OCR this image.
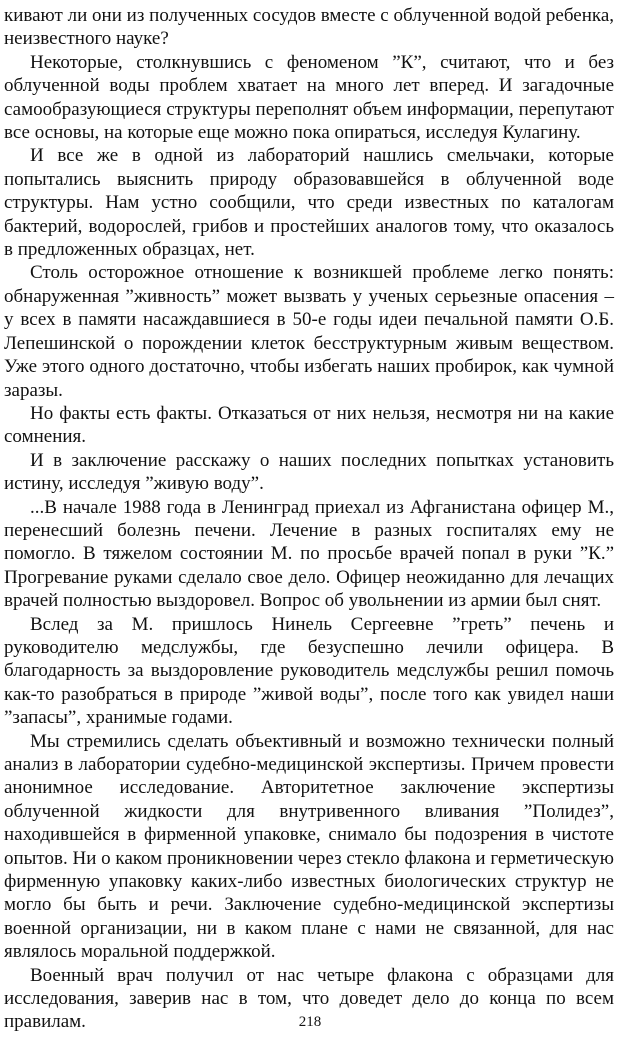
кивают ли они из полученных сосудов вместе с облученной водой ребенка, неизвестного науке?

Некоторые, столкнувшись с феноменом ”К”, считают, что и без облученной воды проблем хватает на много лет вперед. И загадочные самообразующиеся структуры переполнят объем информации, перепутают все основы, на которые еще можно пока опираться, исследуя Кулагину.

И все же в одной из лабораторий нашлись смельчаки, которые попытались выяснить природу образовавшейся в облученной воде структуры. Нам устно сообщили, что среди известных по каталогам бактерий, водорослей, грибов и простейших аналогов тому, что оказалось в предложенных образцах, нет.

Столь осторожное отношение к возникшей проблеме легко понять: обнаруженная ”живность” может вызвать у ученых серьезные опасения – у всех в памяти насаждавшиеся в 50-е годы идеи печальной памяти О.Б. Лепешинской о порождении клеток бесструктурным живым веществом. Уже этого одного достаточно, чтобы избегать наших пробирок, как чумной заразы.

Но факты есть факты. Отказаться от них нельзя, несмотря ни на какие сомнения.

И в заключение расскажу о наших последних попытках установить истину, исследуя ”живую воду”.

...В начале 1988 года в Ленинград приехал из Афганистана офицер М., перенесший болезнь печени. Лечение в разных госпиталях ему не помогло. В тяжелом состоянии М. по просьбе врачей попал в руки ”К.” Прогревание руками сделало свое дело. Офицер неожиданно для лечащих врачей полностью выздоровел. Вопрос об увольнении из армии был снят.

Вслед за М. пришлось Нинель Сергеевне ”греть” печень и руководителю медслужбы, где безуспешно лечили офицера. В благодарность за выздоровление руководитель медслужбы решил помочь как-то разобраться в природе ”живой воды”, после того как увидел наши ”запасы”, хранимые годами.

Мы стремились сделать объективный и возможно технически полный анализ в лаборатории судебно-медицинской экспертизы. Причем провести анонимное исследование. Авторитетное заключение экспертизы облученной жидкости для внутривенного вливания ”Полидез”, находившейся в фирменной упаковке, снимало бы подозрения в чистоте опытов. Ни о каком проникновении через стекло флакона и герметическую фирменную упаковку каких-либо известных биологических структур не могло бы быть и речи. Заключение судебно-медицинской экспертизы военной организации, ни в каком плане с нами не связанной, для нас являлось моральной поддержкой.

Военный врач получил от нас четыре флакона с образцами для исследования, заверив нас в том, что доведет дело до конца по всем правилам.	218
